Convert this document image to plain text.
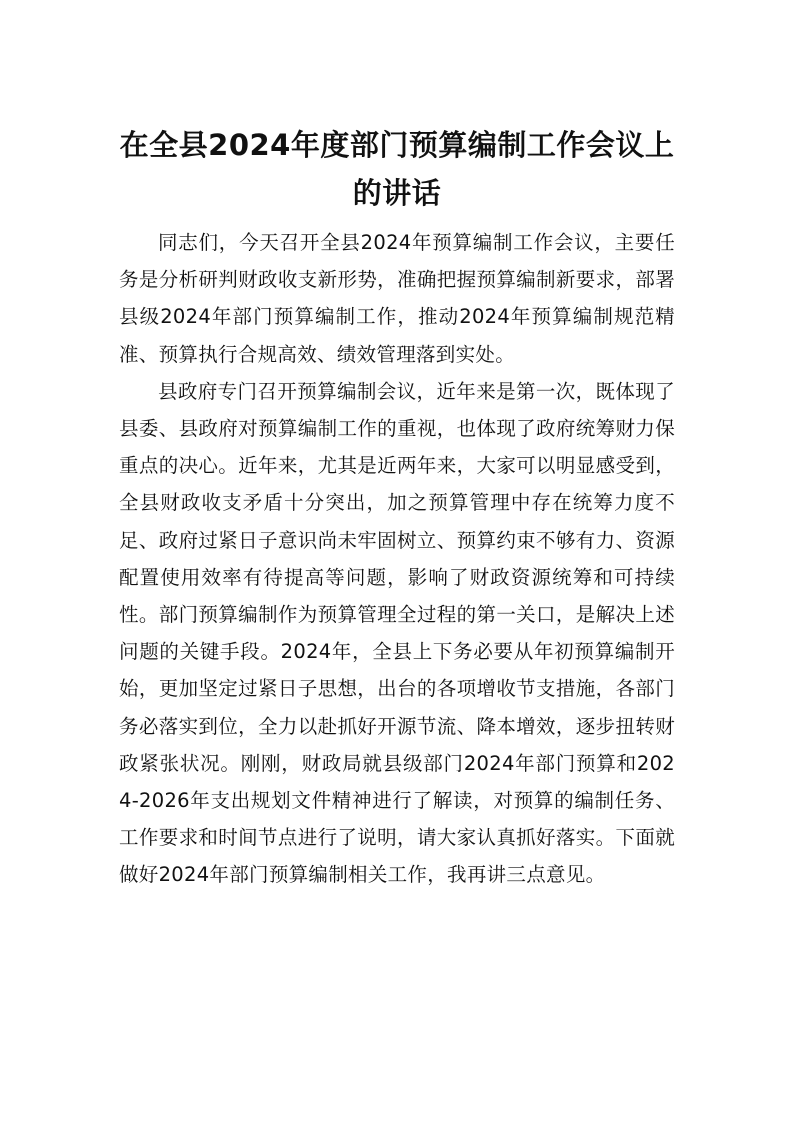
在全县2024年度部门预算编制工作会议上的讲话

同志们，今天召开全县2024年预算编制工作会议，主要任务是分析研判财政收支新形势，准确把握预算编制新要求，部署县级2024年部门预算编制工作，推动2024年预算编制规范精准、预算执行合规高效、绩效管理落到实处。

县政府专门召开预算编制会议，近年来是第一次，既体现了县委、县政府对预算编制工作的重视，也体现了政府统筹财力保重点的决心。近年来，尤其是近两年来，大家可以明显感受到，全县财政收支矛盾十分突出，加之预算管理中存在统筹力度不足、政府过紧日子意识尚未牢固树立、预算约束不够有力、资源配置使用效率有待提高等问题，影响了财政资源统筹和可持续性。部门预算编制作为预算管理全过程的第一关口，是解决上述问题的关键手段。2024年，全县上下务必要从年初预算编制开始，更加坚定过紧日子思想，出台的各项增收节支措施，各部门务必落实到位，全力以赴抓好开源节流、降本增效，逐步扭转财政紧张状况。刚刚，财政局就县级部门2024年部门预算和2024-2026年支出规划文件精神进行了解读，对预算的编制任务、工作要求和时间节点进行了说明，请大家认真抓好落实。下面就做好2024年部门预算编制相关工作，我再讲三点意见。
